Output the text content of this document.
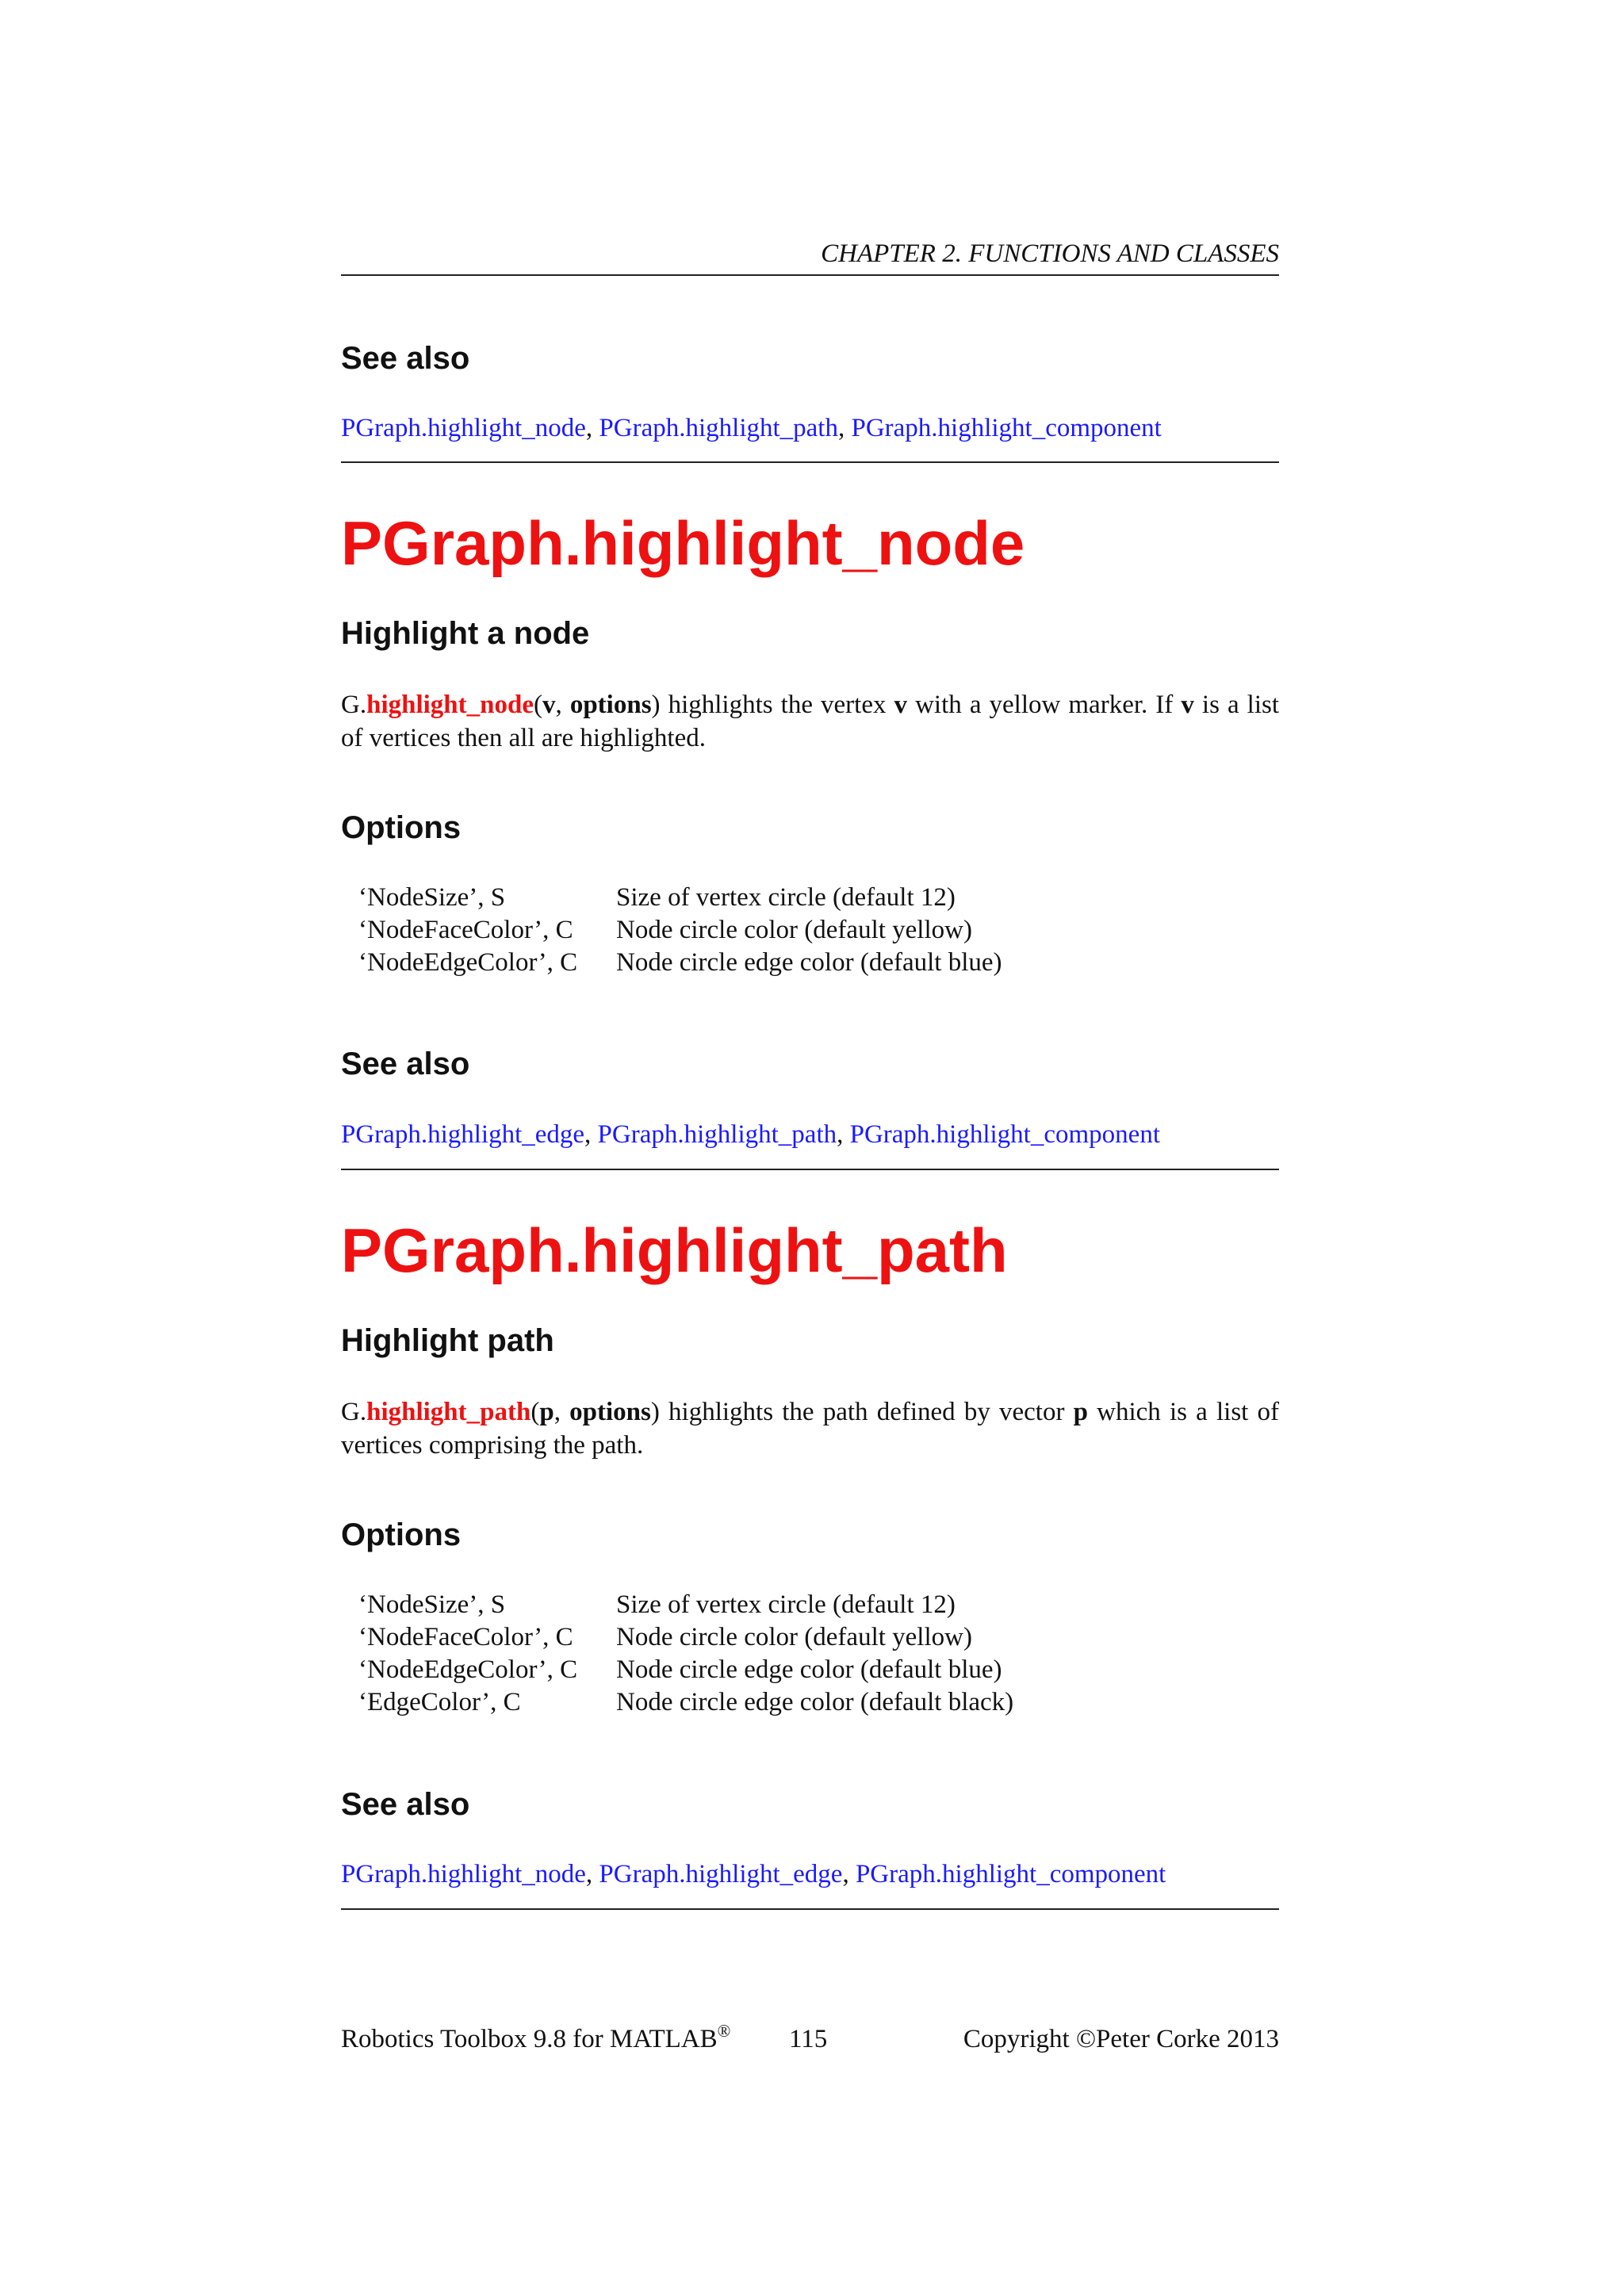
CHAPTER 2. FUNCTIONS AND CLASSES
See also
PGraph.highlight_node, PGraph.highlight_path, PGraph.highlight_component
PGraph.highlight_node
Highlight a node

G.highlight_node(v, options) highlights the vertex v with a yellow marker. If v is a list of vertices then all are highlighted.

Options
‘NodeSize’, S	Size of vertex circle (default 12)
‘NodeFaceColor’, C	Node circle color (default yellow)
‘NodeEdgeColor’, C	Node circle edge color (default blue)
See also
PGraph.highlight_edge, PGraph.highlight_path, PGraph.highlight_component
PGraph.highlight_path
Highlight path

G.highlight_path(p, options) highlights the path defined by vector p which is a list of vertices comprising the path.

Options
‘NodeSize’, S	Size of vertex circle (default 12)
‘NodeFaceColor’, C	Node circle color (default yellow)
‘NodeEdgeColor’, C	Node circle edge color (default blue)
‘EdgeColor’, C	Node circle edge color (default black)
See also
PGraph.highlight_node, PGraph.highlight_edge, PGraph.highlight_component
Robotics Toolbox 9.8 for MATLAB® 115	Copyright ©Peter Corke 2013
